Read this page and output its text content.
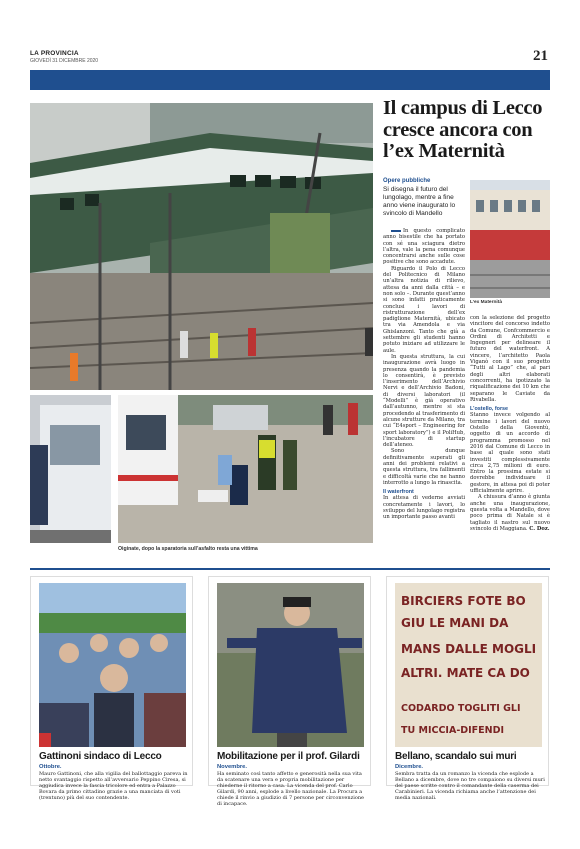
LA PROVINCIA
GIOVEDÌ 31 DICEMBRE 2020	21
Oiginate, dopo la sparatoria sull’asfalto resta una vittima
Il campus di Lecco cresce ancora con l’ex Maternità
Opere pubbliche
Si disegna il futuro del lungolago, mentre a fine anno viene inaugurato lo svincolo di Mandello
L’ex Maternità

In questo complicato anno bisestile che ha portato con sé una sciagura dietro l’altra, vale la pena comunque concentrarsi anche sulle cose positive che sono accadute.

Riguardo il Polo di Lecco del Politecnico di Milano un’altra notizia di rilievo, attesa da anni dalla città – e non solo –. Durante quest’anno si sono infatti praticamente conclusi i lavori di ristrutturazione dell’ex padiglione Maternità, ubicato tra via Amendola e via Ghislanzoni. Tanto che già a settembre gli studenti hanno potuto iniziare ad utilizzare le aule.

In questa struttura, la cui inaugurazione avrà luogo in presenza quando la pandemia lo consentirà, è previsto l’inserimento dell’Archivio Nervi e dell’Archivio Badoni, di diversi laboratori (il “Modelli” è già operativo dall’autunno, mentre si sta procedendo al trasferimento di alcune strutture da Milano, tra cui “E4sport – Engineering for sport laboratory”) e il PoliHub, l’incubatore di startup dell’ateneo.

Sono dunque definitivamente superati gli anni dei problemi relativi a questa struttura, tra fallimenti e difficoltà varie che ne hanno interrotto a lungo la rinascita.

Il waterfront

In attesa di vederne avviati concretamente i lavori, lo sviluppo del lungolago registra un importante passo avanti

con la selezione del progetto vincitore del concorso indetto da Comune, Confcommercio e Ordini di Architetti e Ingegneri per delineare il futuro del waterfront. A vincere, l’architetto Paola Viganò con il suo progetto “Tutti al Lago” che, al pari degli altri elaborati concorrenti, ha ipotizzato la riqualificazione dei 10 km che separano le Caviate da Rivabella.

L’ostello, forse

Stanno invece volgendo al termine i lavori del nuovo Ostello della Gioventù, oggetto di un accordo di programma promosso nel 2016 dal Comune di Lecco in base al quale sono stati investiti complessivamente circa 2,75 milioni di euro. Entro la prossima estate si dovrebbe individuare il gestore, in attesa poi di poter ufficialmente aprire.

A chiusura d’anno è giunta anche una inaugurazione, questa volta a Mandello, dove poco prima di Natale si è tagliato il nastro sul nuovo svincolo di Maggiana. C. Doz.

Gattinoni sindaco di Lecco
Ottobre.
Mauro Gattinoni, che alla vigilia del ballottaggio pareva in netto svantaggio rispetto all’avversario Peppino Ciresa, si aggiudica invece la fascia tricolore ed entra a Palazzo Bovara da primo cittadino grazie a una manciata di voti (trentuno) più del suo contendente.
Mobilitazione per il prof. Gilardi
Novembre.
Ha seminato così tanto affetto e generosità nella sua vita da scatenare una vera e propria mobilitazione per chiederne il ritorno a casa. La vicenda del prof. Carlo Gilardi, 90 anni, esplode a livello nazionale. La Procura a chiede il rinvio a giudizio di 7 persone per circonvenzione di incapace.
BIRCIERS FOTE BO
GIU LE MANI DA
MANS DALLE MOGLI
ALTRI. MATE CA DO
CODARDO TOGLITI GLI
TU MICCIA-DIFENDI
Bellano, scandalo sui muri
Dicembre.
Sembra tratta da un romanzo la vicenda che esplode a Bellano a dicembre, dove no tre compaiono su diversi muri del paese scritte contro il comandante della caserma dei Carabinieri. La vicenda richiama anche l’attenzione dei media nazionali.
